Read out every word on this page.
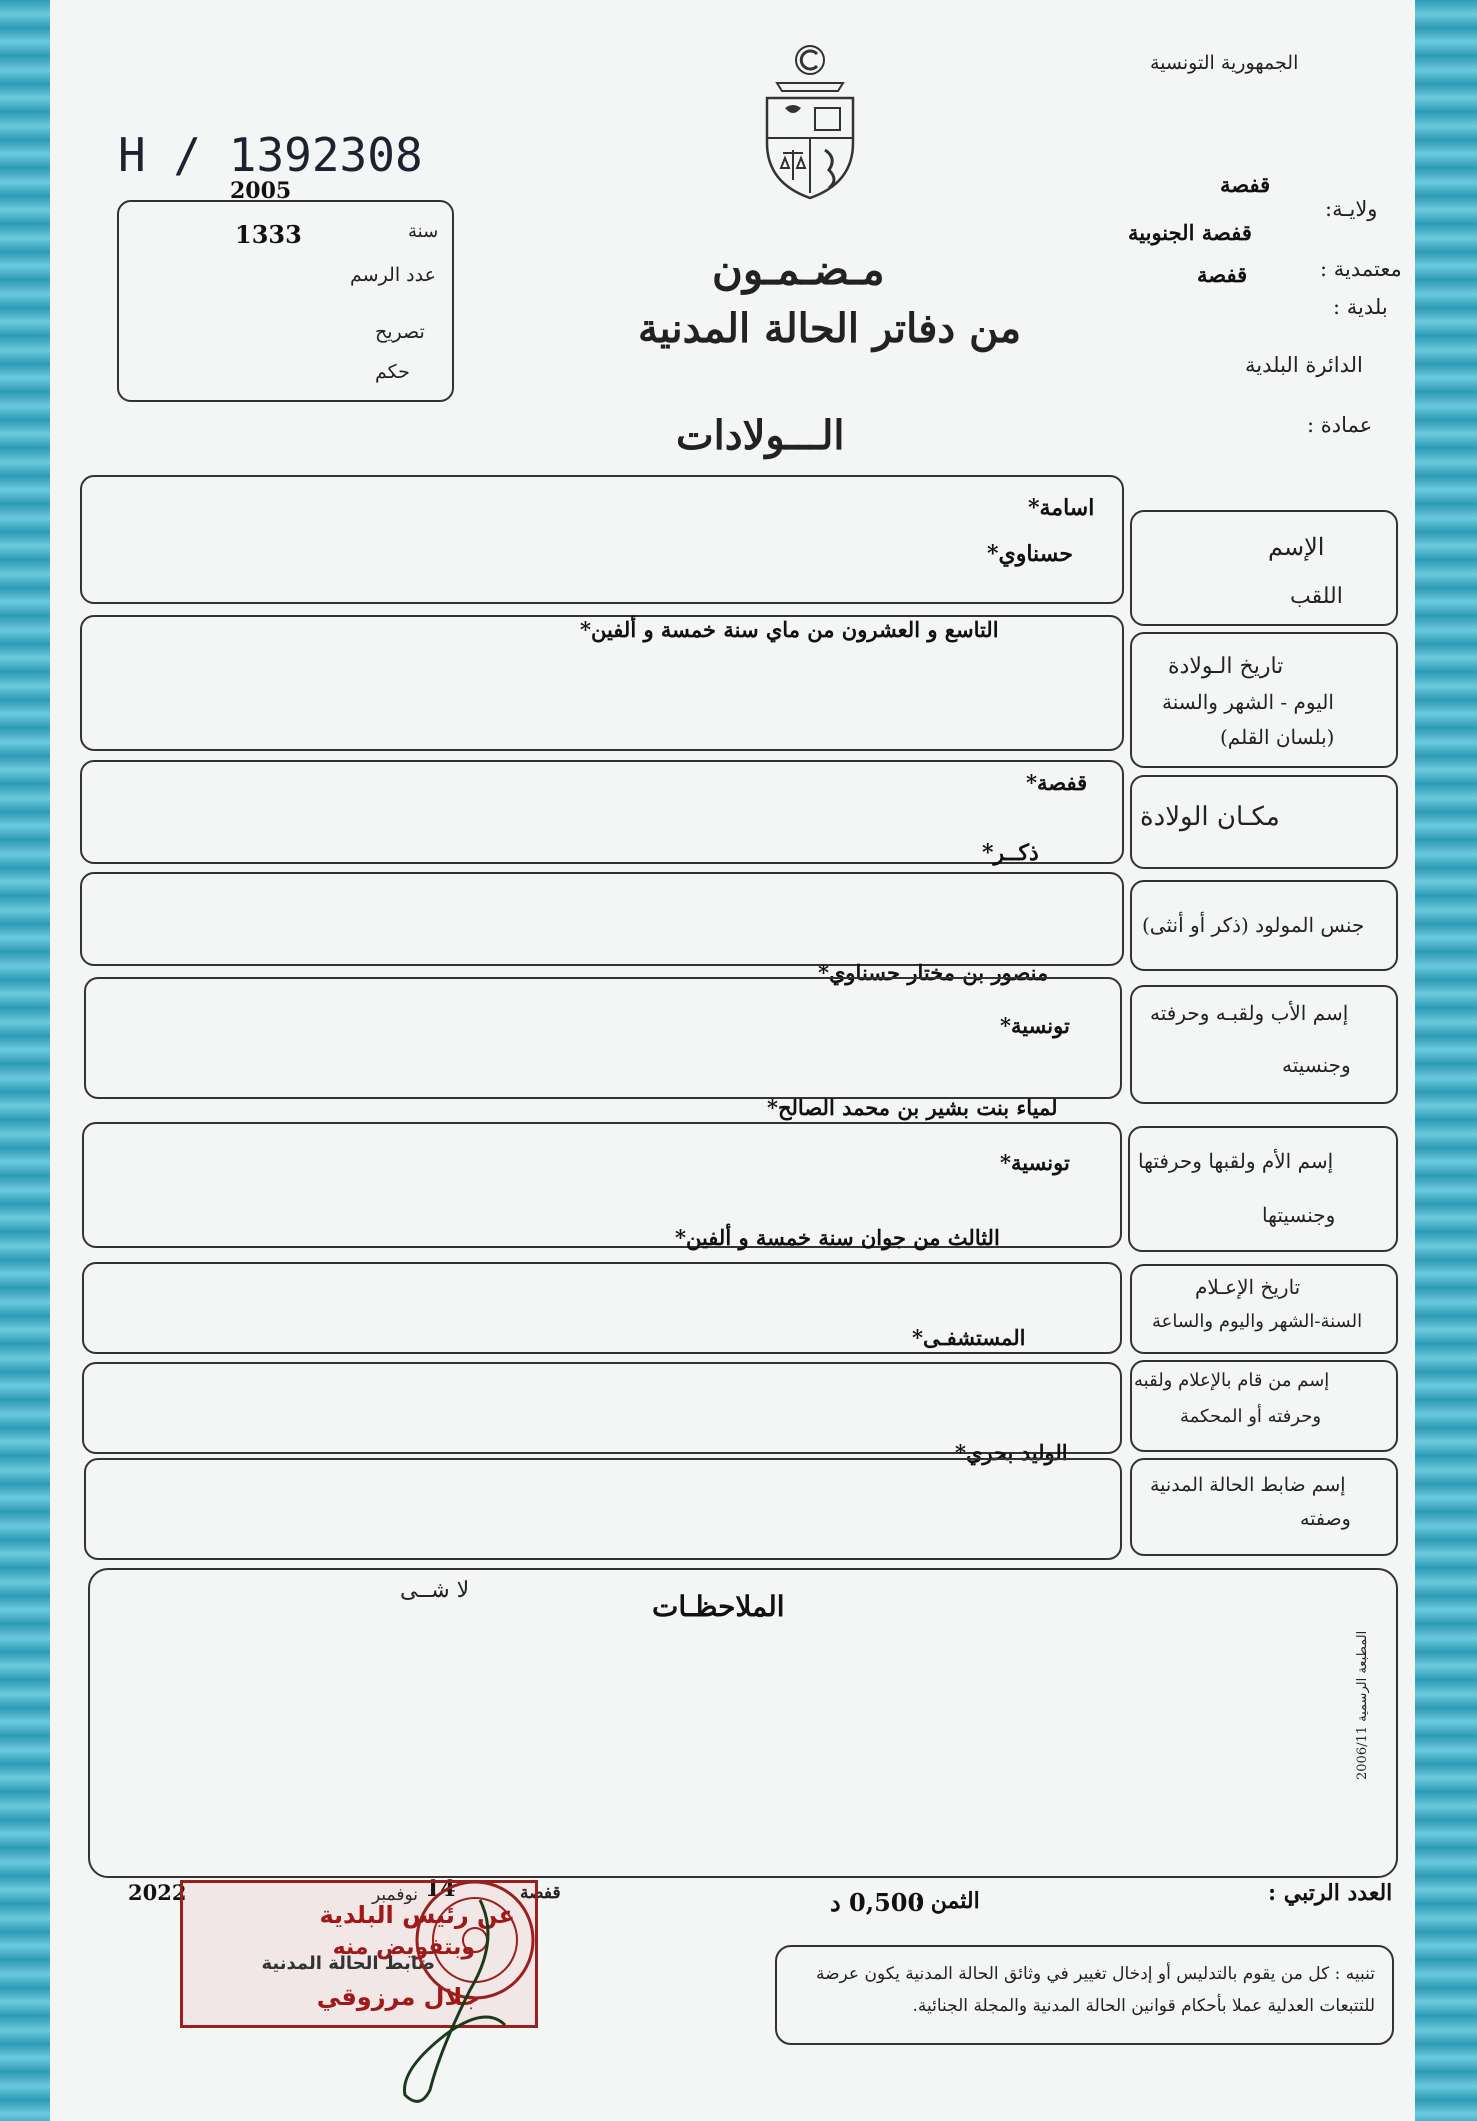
الجمهورية التونسية
H / 1392308
مـضـمـون
من دفاتر الحالة المدنية
الـــولادات
ولايـة:
قفصة
معتمدية :
قفصة الجنوبية
بلدية :
قفصة
الدائرة البلدية
عمادة :
2005
سنة
1333
عدد الرسم
تصريح
حكم
الإسم
اللقب
اسامة*
حسناوي*
تاريخ الـولادة
اليوم - الشهر والسنة
(بلسان القلم)
التاسع و العشرون من ماي سنة خمسة و ألفين*
مكـان الولادة
قفصة*
ذكــر*
جنس المولود (ذكر أو أنثى)
منصور بن مختار حسناوي*
إسم الأب ولقبـه وحرفته
وجنسيته
تونسية*
لمياء بنت بشير بن محمد الصالح*
إسم الأم ولقبها وحرفتها
وجنسيتها
تونسية*
الثالث من جوان سنة خمسة و ألفين*
تاريخ الإعـلام
السنة-الشهر واليوم والساعة
المستشفـى*
إسم من قام بالإعلام ولقبه
وحرفته أو المحكمة
الوليد بحري*
إسم ضابط الحالة المدنية
وصفته
الملاحظـات
لا شــى
المطبعة الرسمية 2006/11
العدد الرتبي :
الثمن :
0,500 د
قفصة
14
نوفمبر
2022
تنبيه : كل من يقوم بالتدليس أو إدخال تغيير في وثائق الحالة المدنية يكون عرضة للتتبعات العدلية عملا بأحكام قوانين الحالة المدنية والمجلة الجنائية.
عن رئيس البلدية
وبتفويض منه
ضابط الحالة المدنية
جلال مرزوقي
